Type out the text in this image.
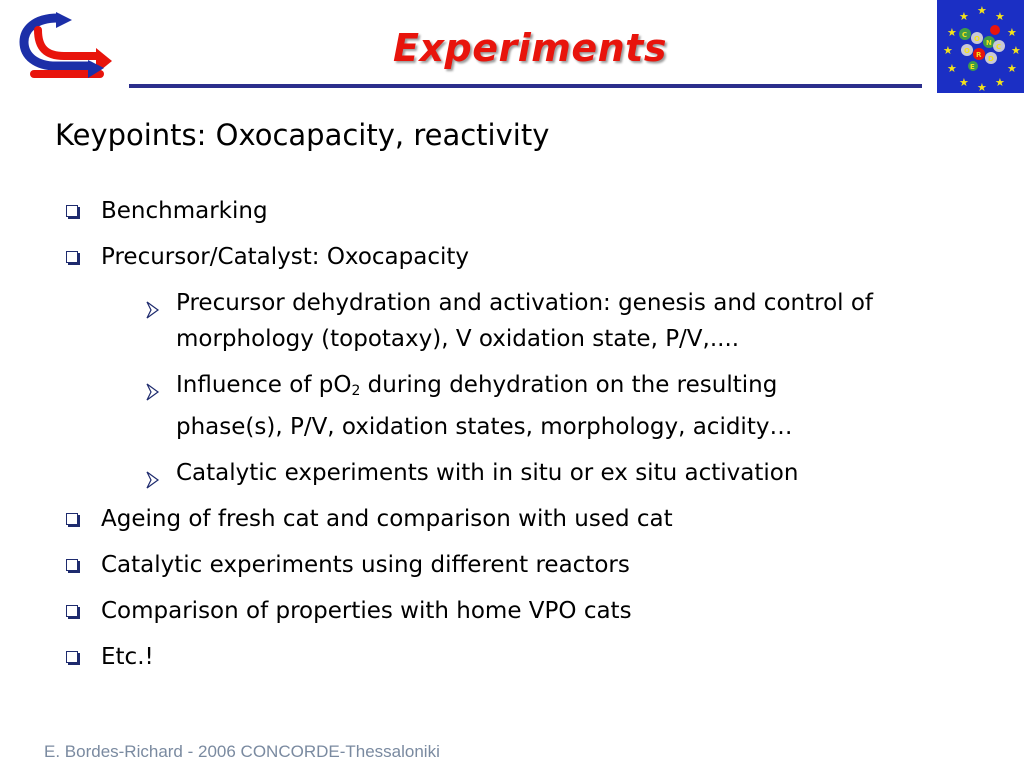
★
★ ★
★	★
★	★
★	★
★ ★
★
C O N C
O R D
E
Experiments
Keypoints: Oxocapacity, reactivity
Benchmarking
Precursor/Catalyst: Oxocapacity
Precursor dehydration and activation: genesis and control of
morphology (topotaxy), V oxidation state, P/V,....
Influence of $pO_2$ during dehydration on the resulting
phase(s), P/V, oxidation states, morphology, acidity…
Catalytic experiments with in situ or ex situ activation
Ageing of fresh cat and comparison with used cat
Catalytic experiments using different reactors
Comparison of properties with home VPO cats
Etc.!
E. Bordes-Richard - 2006 CONCORDE-Thessaloniki
